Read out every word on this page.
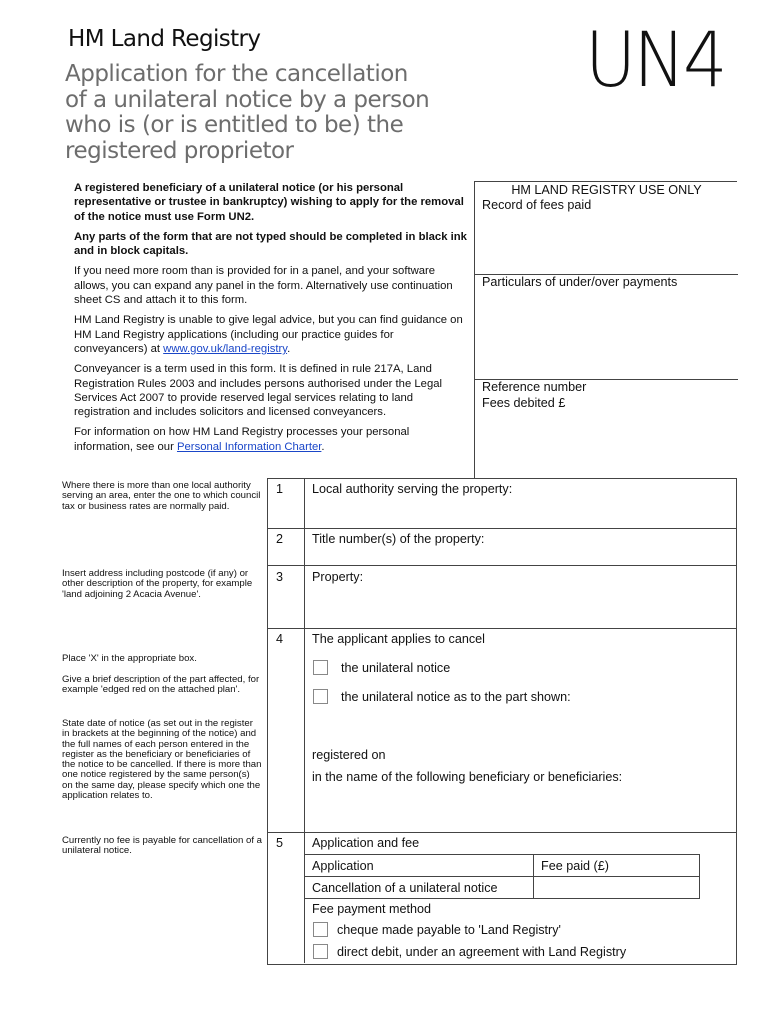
HM Land Registry	UN4
Application for the cancellation
of a unilateral notice by a person
who is (or is entitled to be) the
registered proprietor

A registered beneficiary of a unilateral notice (or his personal representative or trustee in bankruptcy) wishing to apply for the removal of the notice must use Form UN2.

Any parts of the form that are not typed should be completed in black ink and in block capitals.

If you need more room than is provided for in a panel, and your software allows, you can expand any panel in the form. Alternatively use continuation sheet CS and attach it to this form.

HM Land Registry is unable to give legal advice, but you can find guidance on HM Land Registry applications (including our practice guides for conveyancers) at www.gov.uk/land-registry.

Conveyancer is a term used in this form. It is defined in rule 217A, Land Registration Rules 2003 and includes persons authorised under the Legal Services Act 2007 to provide reserved legal services relating to land registration and includes solicitors and licensed conveyancers.

For information on how HM Land Registry processes your personal information, see our Personal Information Charter.

HM LAND REGISTRY USE ONLY
Record of fees paid
Particulars of under/over payments
Reference number
Fees debited £
Where there is more than one local authority serving an area, enter the one to which council tax or business rates are normally paid.
Insert address including postcode (if any) or other description of the property, for example 'land adjoining 2 Acacia Avenue'.
Place 'X' in the appropriate box.
Give a brief description of the part affected, for example 'edged red on the attached plan'.
State date of notice (as set out in the register in brackets at the beginning of the notice) and the full names of each person entered in the register as the beneficiary or beneficiaries of the notice to be cancelled. If there is more than one notice registered by the same person(s) on the same day, please specify which one the application relates to.
Currently no fee is payable for cancellation of a unilateral notice.
1 Local authority serving the property:
2 Title number(s) of the property:
3 Property:
4 The applicant applies to cancel
the unilateral notice
the unilateral notice as to the part shown:
registered on
in the name of the following beneficiary or beneficiaries:
5 Application and fee
Application	Fee paid (£)
Cancellation of a unilateral notice	
Fee payment method
cheque made payable to 'Land Registry'
direct debit, under an agreement with Land Registry
